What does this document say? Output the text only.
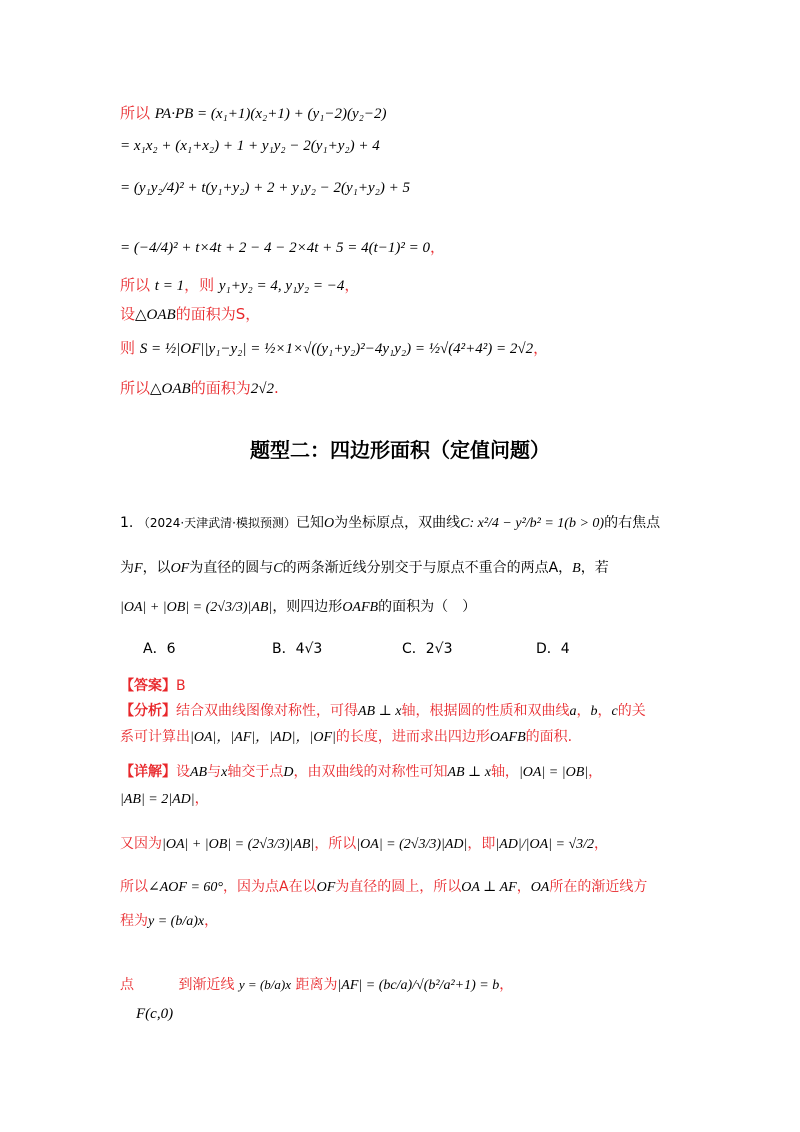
所以 PA·PB = (x₁+1)(x₂+1) + (y₁−2)(y₂−2)
= x₁x₂ + (x₁+x₂) + 1 + y₁y₂ − 2(y₁+y₂) + 4
= (y₁y₂/4)² + t(y₁+y₂) + 2 + y₁y₂ − 2(y₁+y₂) + 5
= (−4/4)² + t×4t + 2 − 4 − 2×4t + 5 = 4(t−1)² = 0，
所以 t = 1，则 y₁+y₂ = 4, y₁y₂ = −4，
设△OAB的面积为S，
则 S = ½|OF||y₁−y₂| = ½×1×√((y₁+y₂)²−4y₁y₂) = ½√(4²+4²) = 2√2，
所以△OAB的面积为2√2.
题型二：四边形面积（定值问题）
1. （2024·天津武清·模拟预测）已知O为坐标原点，双曲线C: x²/4 − y²/b² = 1(b > 0)的右焦点
为F，以OF为直径的圆与C的两条渐近线分别交于与原点不重合的两点A，B，若
|OA| + |OB| = (2√3/3)|AB|，则四边形OAFB的面积为（　）
A．6	B．4√3	C．2√3	D．4
【答案】B
【分析】结合双曲线图像对称性，可得AB ⊥ x轴，根据圆的性质和双曲线a，b，c的关
系可计算出|OA|，|AF|，|AD|，|OF|的长度，进而求出四边形OAFB的面积.
【详解】设AB与x轴交于点D，由双曲线的对称性可知AB ⊥ x轴，|OA| = |OB|，
|AB| = 2|AD|，
又因为|OA| + |OB| = (2√3/3)|AB|，所以|OA| = (2√3/3)|AD|，即|AD|/|OA| = √3/2，
所以∠AOF = 60°，因为点A在以OF为直径的圆上，所以OA ⊥ AF，OA所在的渐近线方
程为y = (b/a)x，
点	到渐近线 y = (b/a)x 距离为|AF| = (bc/a)/√(b²/a²+1) = b，
F(c,0)
